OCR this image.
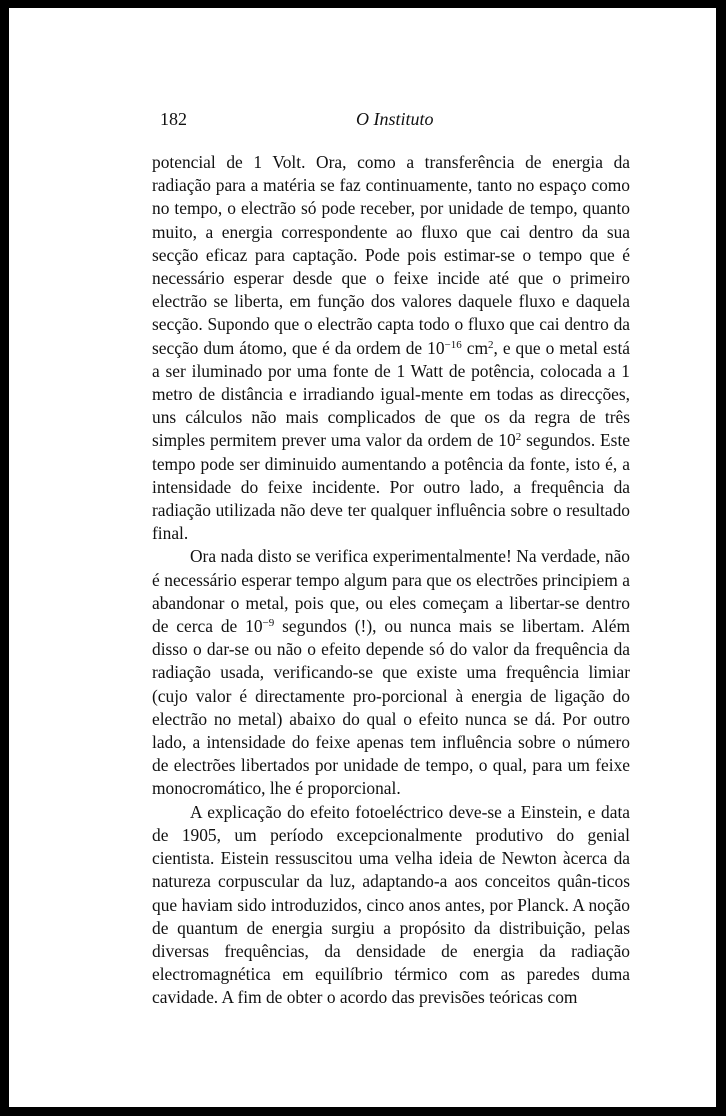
182	O Instituto

potencial de 1 Volt. Ora, como a transferência de energia da radiação para a matéria se faz continuamente, tanto no espaço como no tempo, o electrão só pode receber, por unidade de tempo, quanto muito, a energia correspondente ao fluxo que cai dentro da sua secção eficaz para captação. Pode pois estimar-se o tempo que é necessário esperar desde que o feixe incide até que o primeiro electrão se liberta, em função dos valores daquele fluxo e daquela secção. Supondo que o electrão capta todo o fluxo que cai dentro da secção dum átomo, que é da ordem de $10^{-16}$ $cm^2$, e que o metal está a ser iluminado por uma fonte de 1 Watt de potência, colocada a 1 metro de distância e irradiando igual-mente em todas as direcções, uns cálculos não mais complicados de que os da regra de três simples permitem prever uma valor da ordem de $10^2$ segundos. Este tempo pode ser diminuido aumentando a potência da fonte, isto é, a intensidade do feixe incidente. Por outro lado, a frequência da radiação utilizada não deve ter qualquer influência sobre o resultado final.

Ora nada disto se verifica experimentalmente! Na verdade, não é necessário esperar tempo algum para que os electrões principiem a abandonar o metal, pois que, ou eles começam a libertar-se dentro de cerca de $10^{-9}$ segundos (!), ou nunca mais se libertam. Além disso o dar-se ou não o efeito depende só do valor da frequência da radiação usada, verificando-se que existe uma frequência limiar (cujo valor é directamente pro-porcional à energia de ligação do electrão no metal) abaixo do qual o efeito nunca se dá. Por outro lado, a intensidade do feixe apenas tem influência sobre o número de electrões libertados por unidade de tempo, o qual, para um feixe monocromático, lhe é proporcional.

A explicação do efeito fotoeléctrico deve-se a Einstein, e data de 1905, um período excepcionalmente produtivo do genial cientista. Eistein ressuscitou uma velha ideia de Newton àcerca da natureza corpuscular da luz, adaptando-a aos conceitos quân-ticos que haviam sido introduzidos, cinco anos antes, por Planck. A noção de quantum de energia surgiu a propósito da distribuição, pelas diversas frequências, da densidade de energia da radiação electromagnética em equilíbrio térmico com as paredes duma cavidade. A fim de obter o acordo das previsões teóricas com
